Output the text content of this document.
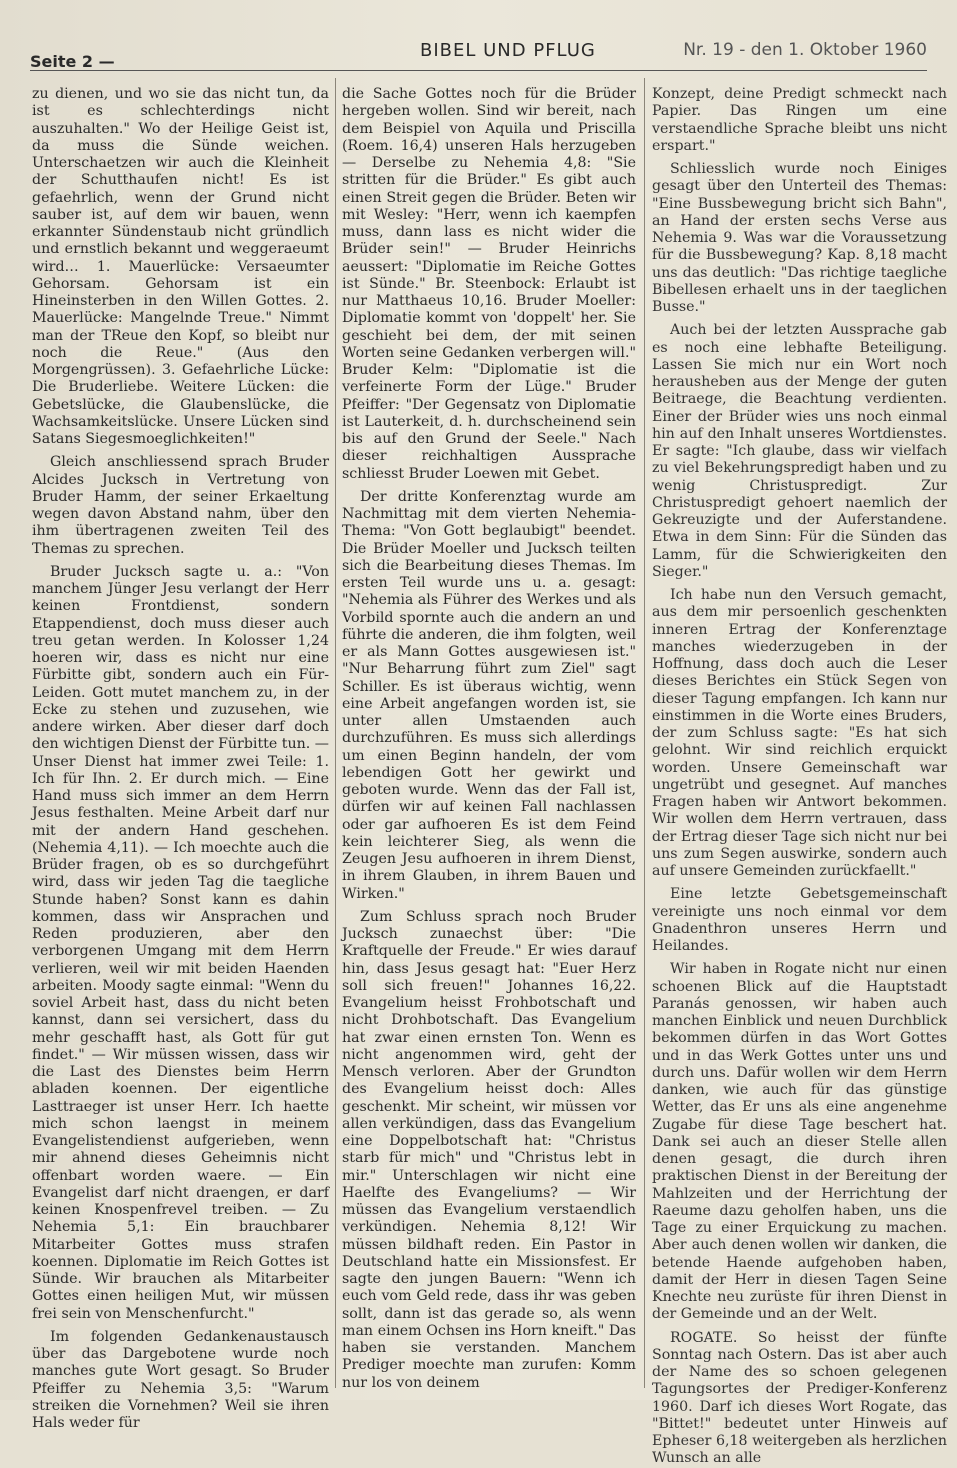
Seite 2 —
BIBEL UND PFLUG	Nr. 19 - den 1. Oktober 1960

zu dienen, und wo sie das nicht tun, da ist es schlechterdings nicht auszuhalten." Wo der Heilige Geist ist, da muss die Sünde weichen. Unterschaetzen wir auch die Kleinheit der Schutthaufen nicht! Es ist gefaehrlich, wenn der Grund nicht sauber ist, auf dem wir bauen, wenn erkannter Sündenstaub nicht gründlich und ernstlich bekannt und weggeraeumt wird… 1. Mauerlücke: Versaeumter Gehorsam. Gehorsam ist ein Hineinsterben in den Willen Gottes. 2. Mauerlücke: Mangelnde Treue." Nimmt man der TReue den Kopf, so bleibt nur noch die Reue." (Aus den Morgengrüssen). 3. Gefaehrliche Lücke: Die Bruderliebe. Weitere Lücken: die Gebetslücke, die Glaubenslücke, die Wachsamkeitslücke. Unsere Lücken sind Satans Siegesmoeglichkeiten!"

Gleich anschliessend sprach Bruder Alcides Jucksch in Vertretung von Bruder Hamm, der seiner Erkaeltung wegen davon Abstand nahm, über den ihm übertragenen zweiten Teil des Themas zu sprechen.

Bruder Jucksch sagte u. a.: "Von manchem Jünger Jesu verlangt der Herr keinen Frontdienst, sondern Etappendienst, doch muss dieser auch treu getan werden. In Kolosser 1,24 hoeren wir, dass es nicht nur eine Fürbitte gibt, sondern auch ein Für-Leiden. Gott mutet manchem zu, in der Ecke zu stehen und zuzusehen, wie andere wirken. Aber dieser darf doch den wichtigen Dienst der Fürbitte tun. — Unser Dienst hat immer zwei Teile: 1. Ich für Ihn. 2. Er durch mich. — Eine Hand muss sich immer an dem Herrn Jesus festhalten. Meine Arbeit darf nur mit der andern Hand geschehen. (Nehemia 4,11). — Ich moechte auch die Brüder fragen, ob es so durchgeführt wird, dass wir jeden Tag die taegliche Stunde haben? Sonst kann es dahin kommen, dass wir Ansprachen und Reden produzieren, aber den verborgenen Umgang mit dem Herrn verlieren, weil wir mit beiden Haenden arbeiten. Moody sagte einmal: "Wenn du soviel Arbeit hast, dass du nicht beten kannst, dann sei versichert, dass du mehr geschafft hast, als Gott für gut findet." — Wir müssen wissen, dass wir die Last des Dienstes beim Herrn abladen koennen. Der eigentliche Lasttraeger ist unser Herr. Ich haette mich schon laengst in meinem Evangelistendienst aufgerieben, wenn mir ahnend dieses Geheimnis nicht offenbart worden waere. — Ein Evangelist darf nicht draengen, er darf keinen Knospenfrevel treiben. — Zu Nehemia 5,1: Ein brauchbarer Mitarbeiter Gottes muss strafen koennen. Diplomatie im Reich Gottes ist Sünde. Wir brauchen als Mitarbeiter Gottes einen heiligen Mut, wir müssen frei sein von Menschenfurcht."

Im folgenden Gedankenaustausch über das Dargebotene wurde noch manches gute Wort gesagt. So Bruder Pfeiffer zu Nehemia 3,5: "Warum streiken die Vornehmen? Weil sie ihren Hals weder für

die Sache Gottes noch für die Brüder hergeben wollen. Sind wir bereit, nach dem Beispiel von Aquila und Priscilla (Roem. 16,4) unseren Hals herzugeben— Derselbe zu Nehemia 4,8: "Sie stritten für die Brüder." Es gibt auch einen Streit gegen die Brüder. Beten wir mit Wesley: "Herr, wenn ich kaempfen muss, dann lass es nicht wider die Brüder sein!" — Bruder Heinrichs aeussert: "Diplomatie im Reiche Gottes ist Sünde." Br. Steenbock: Erlaubt ist nur Matthaeus 10,16. Bruder Moeller: Diplomatie kommt von 'doppelt' her. Sie geschieht bei dem, der mit seinen Worten seine Gedanken verbergen will." Bruder Kelm: "Diplomatie ist die verfeinerte Form der Lüge." Bruder Pfeiffer: "Der Gegensatz von Diplomatie ist Lauterkeit, d. h. durchscheinend sein bis auf den Grund der Seele." Nach dieser reichhaltigen Aussprache schliesst Bruder Loewen mit Gebet.

Der dritte Konferenztag wurde am Nachmittag mit dem vierten Nehemia-Thema: "Von Gott beglaubigt" beendet. Die Brüder Moeller und Jucksch teilten sich die Bearbeitung dieses Themas. Im ersten Teil wurde uns u. a. gesagt: "Nehemia als Führer des Werkes und als Vorbild spornte auch die andern an und führte die anderen, die ihm folgten, weil er als Mann Gottes ausgewiesen ist." "Nur Beharrung führt zum Ziel" sagt Schiller. Es ist überaus wichtig, wenn eine Arbeit angefangen worden ist, sie unter allen Umstaenden auch durchzuführen. Es muss sich allerdings um einen Beginn handeln, der vom lebendigen Gott her gewirkt und geboten wurde. Wenn das der Fall ist, dürfen wir auf keinen Fall nachlassen oder gar aufhoeren Es ist dem Feind kein leichterer Sieg, als wenn die Zeugen Jesu aufhoeren in ihrem Dienst, in ihrem Glauben, in ihrem Bauen und Wirken."

Zum Schluss sprach noch Bruder Jucksch zunaechst über: "Die Kraftquelle der Freude." Er wies darauf hin, dass Jesus gesagt hat: "Euer Herz soll sich freuen!" Johannes 16,22. Evangelium heisst Frohbotschaft und nicht Drohbotschaft. Das Evangelium hat zwar einen ernsten Ton. Wenn es nicht angenommen wird, geht der Mensch verloren. Aber der Grundton des Evangelium heisst doch: Alles geschenkt. Mir scheint, wir müssen vor allen verkündigen, dass das Evangelium eine Doppelbotschaft hat: "Christus starb für mich" und "Christus lebt in mir." Unterschlagen wir nicht eine Haelfte des Evangeliums? — Wir müssen das Evangelium verstaendlich verkündigen. Nehemia 8,12! Wir müssen bildhaft reden. Ein Pastor in Deutschland hatte ein Missionsfest. Er sagte den jungen Bauern: "Wenn ich euch vom Geld rede, dass ihr was geben sollt, dann ist das gerade so, als wenn man einem Ochsen ins Horn kneift." Das haben sie verstanden. Manchem Prediger moechte man zurufen: Komm nur los von deinem

Konzept, deine Predigt schmeckt nach Papier. Das Ringen um eine verstaendliche Sprache bleibt uns nicht erspart."

Schliesslich wurde noch Einiges gesagt über den Unterteil des Themas: "Eine Bussbewegung bricht sich Bahn", an Hand der ersten sechs Verse aus Nehemia 9. Was war die Voraussetzung für die Bussbewegung? Kap. 8,18 macht uns das deutlich: "Das richtige taegliche Bibellesen erhaelt uns in der taeglichen Busse."

Auch bei der letzten Aussprache gab es noch eine lebhafte Beteiligung. Lassen Sie mich nur ein Wort noch herausheben aus der Menge der guten Beitraege, die Beachtung verdienten. Einer der Brüder wies uns noch einmal hin auf den Inhalt unseres Wortdienstes. Er sagte: "Ich glaube, dass wir vielfach zu viel Bekehrungspredigt haben und zu wenig Christuspredigt. Zur Christuspredigt gehoert naemlich der Gekreuzigte und der Auferstandene. Etwa in dem Sinn: Für die Sünden das Lamm, für die Schwierigkeiten den Sieger."

Ich habe nun den Versuch gemacht, aus dem mir persoenlich geschenkten inneren Ertrag der Konferenztage manches wiederzugeben in der Hoffnung, dass doch auch die Leser dieses Berichtes ein Stück Segen von dieser Tagung empfangen. Ich kann nur einstimmen in die Worte eines Bruders, der zum Schluss sagte: "Es hat sich gelohnt. Wir sind reichlich erquickt worden. Unsere Gemeinschaft war ungetrübt und gesegnet. Auf manches Fragen haben wir Antwort bekommen. Wir wollen dem Herrn vertrauen, dass der Ertrag dieser Tage sich nicht nur bei uns zum Segen auswirke, sondern auch auf unsere Gemeinden zurückfaellt."

Eine letzte Gebetsgemeinschaft vereinigte uns noch einmal vor dem Gnadenthron unseres Herrn und Heilandes.

Wir haben in Rogate nicht nur einen schoenen Blick auf die Hauptstadt Paranás genossen, wir haben auch manchen Einblick und neuen Durchblick bekommen dürfen in das Wort Gottes und in das Werk Gottes unter uns und durch uns. Dafür wollen wir dem Herrn danken, wie auch für das günstige Wetter, das Er uns als eine angenehme Zugabe für diese Tage beschert hat. Dank sei auch an dieser Stelle allen denen gesagt, die durch ihren praktischen Dienst in der Bereitung der Mahlzeiten und der Herrichtung der Raeume dazu geholfen haben, uns die Tage zu einer Erquickung zu machen. Aber auch denen wollen wir danken, die betende Haende aufgehoben haben, damit der Herr in diesen Tagen Seine Knechte neu zurüste für ihren Dienst in der Gemeinde und an der Welt.

ROGATE. So heisst der fünfte Sonntag nach Ostern. Das ist aber auch der Name des so schoen gelegenen Tagungsortes der Prediger-Konferenz 1960. Darf ich dieses Wort Rogate, das "Bittet!" bedeutet unter Hinweis auf Epheser 6,18 weitergeben als herzlichen Wunsch an alle
